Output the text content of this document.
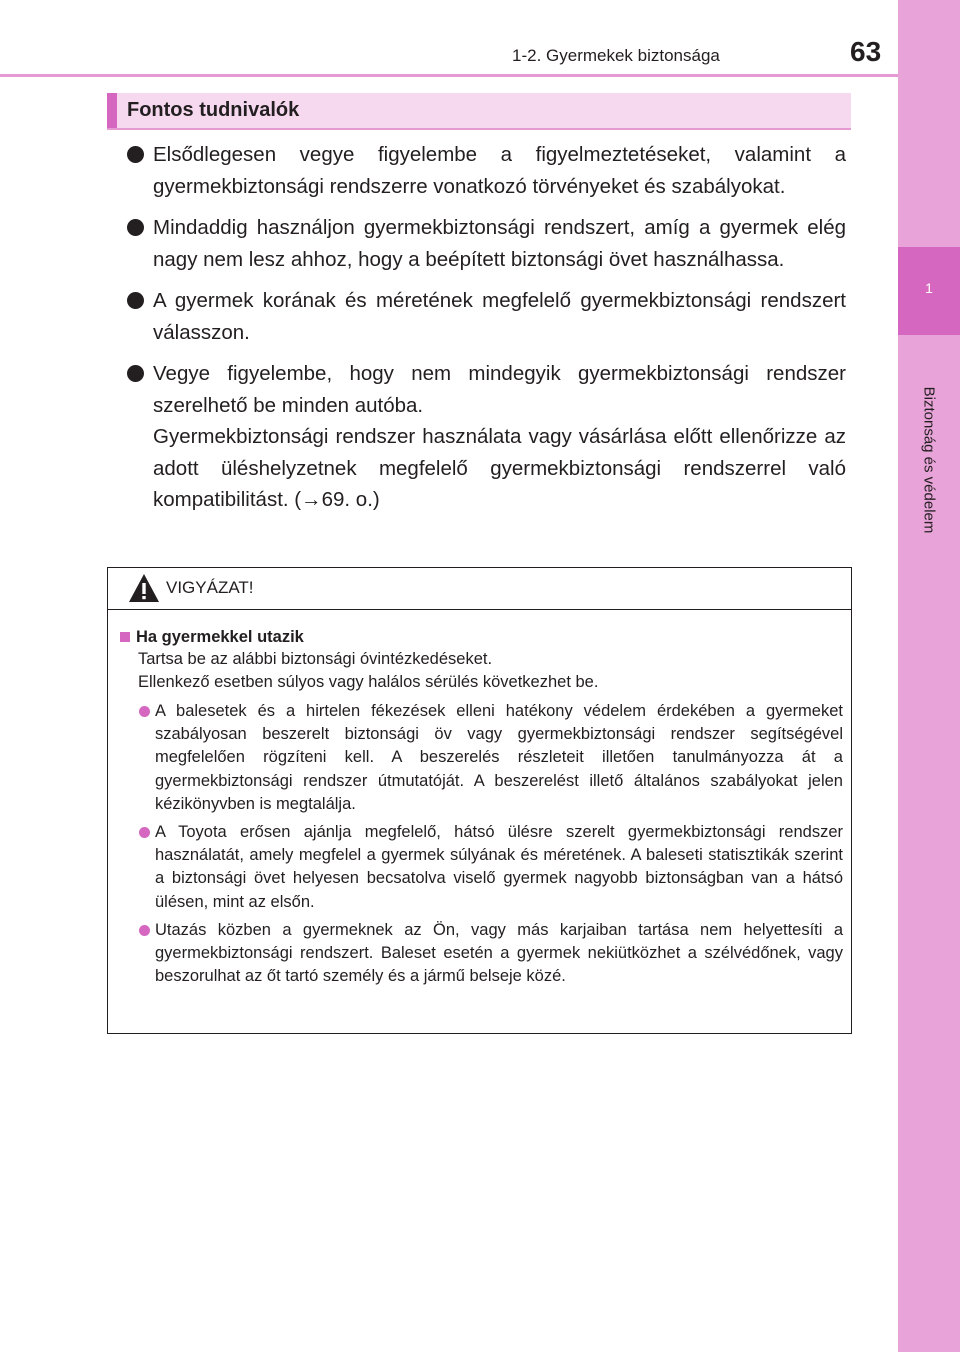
1-2. Gyermekek biztonsága	63
1
Biztonság és védelem
Fontos tudnivalók

Elsődlegesen vegye figyelembe a figyelmeztetéseket, valamint a gyermekbiztonsági rendszerre vonatkozó törvényeket és szabályokat.

Mindaddig használjon gyermekbiztonsági rendszert, amíg a gyermek elég nagy nem lesz ahhoz, hogy a beépített biztonsági övet használhassa.

A gyermek korának és méretének megfelelő gyermekbiztonsági rendszert válasszon.

Vegye figyelembe, hogy nem mindegyik gyermekbiztonsági rendszer szerelhető be minden autóba.

Gyermekbiztonsági rendszer használata vagy vásárlása előtt ellenőrizze az adott üléshelyzetnek megfelelő gyermekbiztonsági rendszerrel való kompatibilitást. (→69. o.)

VIGYÁZAT!
Ha gyermekkel utazik
Tartsa be az alábbi biztonsági óvintézkedéseket.
Ellenkező esetben súlyos vagy halálos sérülés következhet be.
A balesetek és a hirtelen fékezések elleni hatékony védelem érdekében a gyermeket szabályosan beszerelt biztonsági öv vagy gyermekbiztonsági rendszer segítségével megfelelően rögzíteni kell. A beszerelés részleteit illetően tanulmányozza át a gyermekbiztonsági rendszer útmutatóját. A beszerelést illető általános szabályokat jelen kézikönyvben is megtalálja.
A Toyota erősen ajánlja megfelelő, hátsó ülésre szerelt gyermekbiztonsági rendszer használatát, amely megfelel a gyermek súlyának és méretének. A baleseti statisztikák szerint a biztonsági övet helyesen becsatolva viselő gyermek nagyobb biztonságban van a hátsó ülésen, mint az elsőn.
Utazás közben a gyermeknek az Ön, vagy más karjaiban tartása nem helyettesíti a gyermekbiztonsági rendszert. Baleset esetén a gyermek nekiütközhet a szélvédőnek, vagy beszorulhat az őt tartó személy és a jármű belseje közé.
